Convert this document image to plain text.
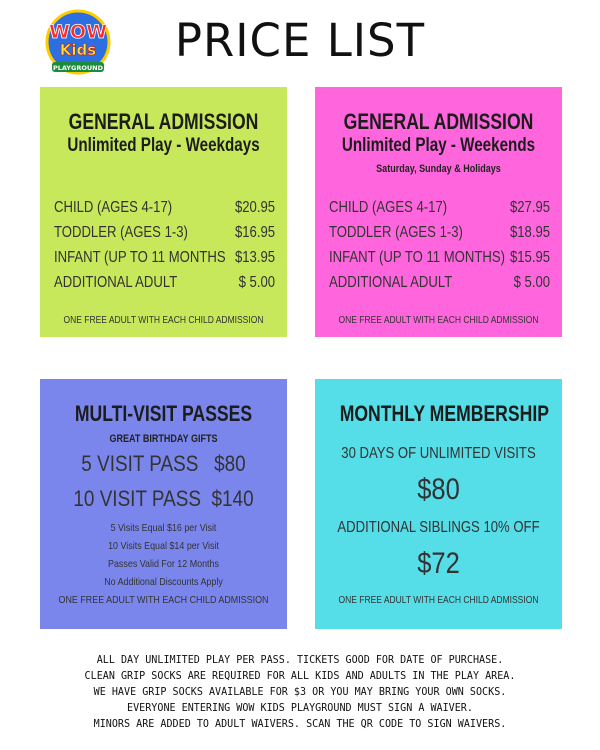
WOW
Kids
PLAYGROUND
PRICE LIST
GENERAL ADMISSION
Unlimited Play - Weekdays
CHILD (AGES 4-17)	$20.95
TODDLER (AGES 1-3)	$16.95
INFANT (UP TO 11 MONTHS $13.95
ADDITIONAL ADULT	$ 5.00
ONE FREE ADULT WITH EACH CHILD ADMISSION
GENERAL ADMISSION
Unlimited Play - Weekends
Saturday, Sunday & Holidays
CHILD (AGES 4-17)	$27.95
TODDLER (AGES 1-3)	$18.95
INFANT (UP TO 11 MONTHS) $15.95
ADDITIONAL ADULT	$ 5.00
ONE FREE ADULT WITH EACH CHILD ADMISSION
MULTI-VISIT PASSES
GREAT BIRTHDAY GIFTS
5 VISIT PASS   $80
10 VISIT PASS  $140
5 Visits Equal $16 per Visit
10 Visits Equal $14 per Visit
Passes Valid For 12 Months
No Additional Discounts Apply
ONE FREE ADULT WITH EACH CHILD ADMISSION
MONTHLY MEMBERSHIP
30 DAYS OF UNLIMITED VISITS
$80
ADDITIONAL SIBLINGS 10% OFF
$72
ONE FREE ADULT WITH EACH CHILD ADMISSION
ALL DAY UNLIMITED PLAY PER PASS. TICKETS GOOD FOR DATE OF PURCHASE.
CLEAN GRIP SOCKS ARE REQUIRED FOR ALL KIDS AND ADULTS IN THE PLAY AREA.
WE HAVE GRIP SOCKS AVAILABLE FOR $3 OR YOU MAY BRING YOUR OWN SOCKS.
EVERYONE ENTERING WOW KIDS PLAYGROUND MUST SIGN A WAIVER.
MINORS ARE ADDED TO ADULT WAIVERS. SCAN THE QR CODE TO SIGN WAIVERS.
